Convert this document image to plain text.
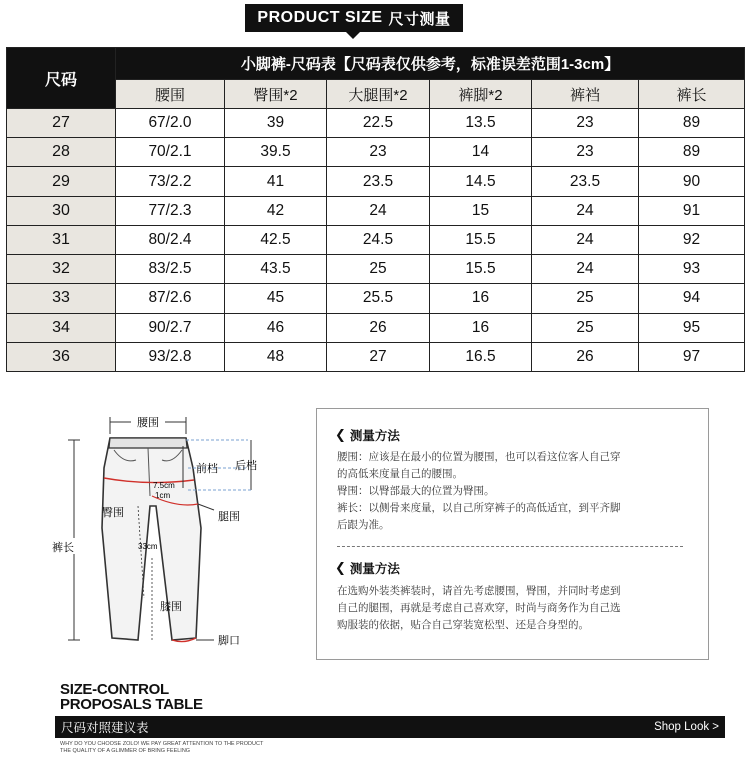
PRODUCT SIZE 尺寸测量
尺码	小脚裤-尺码表【尺码表仅供参考，标准误差范围1-3cm】					
	腰围	臀围*2	大腿围*2	裤脚*2	裤裆	裤长
27	67/2.0	39	22.5	13.5	23	89
28	70/2.1	39.5	23	14	23	89
29	73/2.2	41	23.5	14.5	23.5	90
30	77/2.3	42	24	15	24	91
31	80/2.4	42.5	24.5	15.5	24	92
32	83/2.5	43.5	25	15.5	24	93
33	87/2.6	45	25.5	16	25	94
34	90/2.7	46	26	16	25	95
36	93/2.8	48	27	16.5	26	97
腰围
前档 后档
7.5cm
1cm
臀围	腿围
裤长	33cm
膝围
脚口
❮ 测量方法
腰围：应该是在最小的位置为腰围，也可以看这位客人自己穿
的高低来度量自己的腰围。
臀围：以臀部最大的位置为臀围。
裤长：以侧骨来度量，以自己所穿裤子的高低适宜，到平齐脚
后跟为准。
❮ 测量方法
在选购外装类裤装时，请首先考虑腰围，臀围，并同时考虑到
自己的腿围，再就是考虑自己喜欢穿，时尚与商务作为自己选
购服装的依据，贴合自己穿装宽松型、还是合身型的。
SIZE-CONTROL
PROPOSALS TABLE
尺码对照建议表	Shop Look >
WHY DO YOU CHOOSE ZOLO! WE PAY GREAT ATTENTION TO THE PRODUCT
THE QUALITY OF A GLIMMER OF BRING FEELING
